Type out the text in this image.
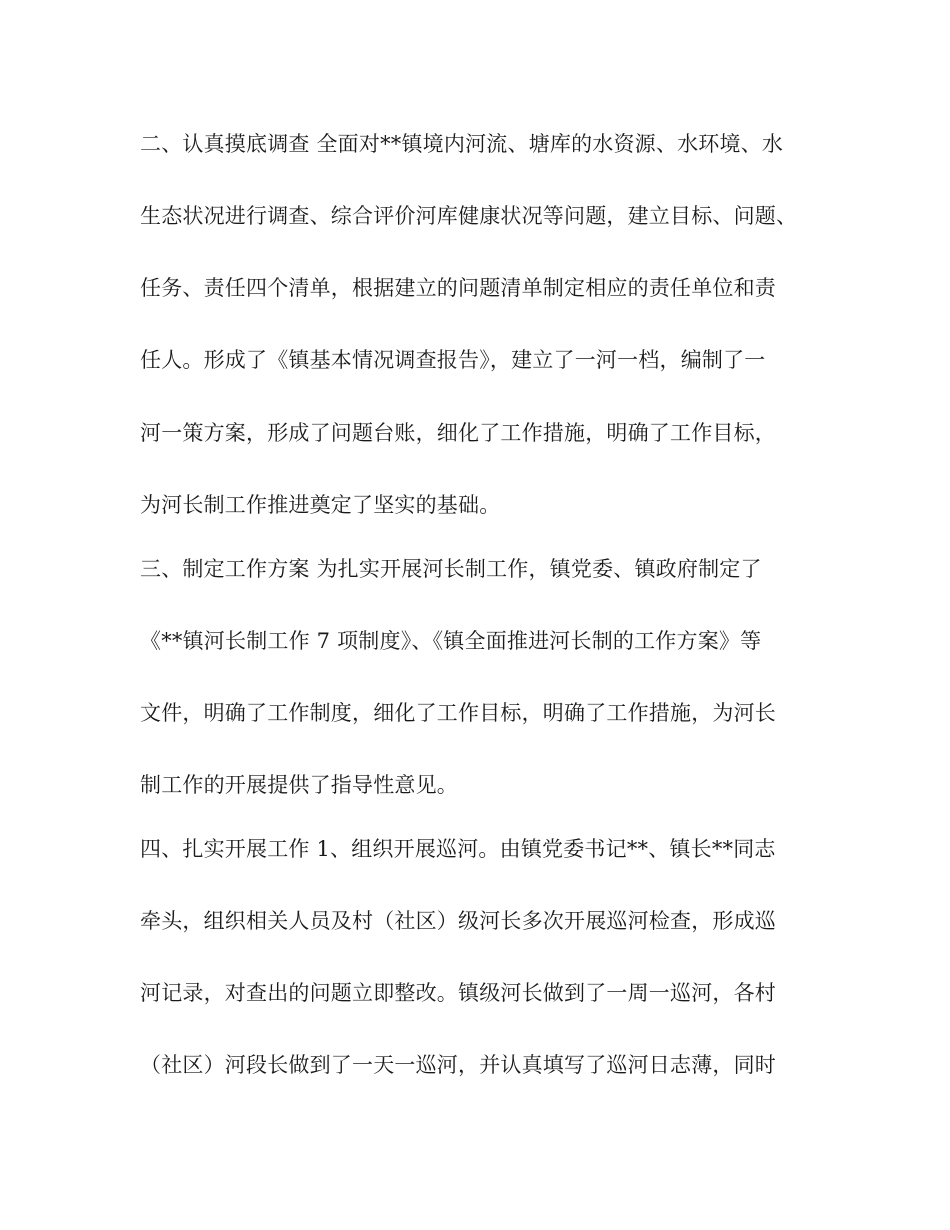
二、认真摸底调查 全面对**镇境内河流、塘库的水资源、水环境、水
生态状况进行调查、综合评价河库健康状况等问题，建立目标、问题、
任务、责任四个清单，根据建立的问题清单制定相应的责任单位和责
任人。形成了《镇基本情况调查报告》，建立了一河一档，编制了一
河一策方案，形成了问题台账，细化了工作措施，明确了工作目标，
为河长制工作推进奠定了坚实的基础。
三、制定工作方案 为扎实开展河长制工作，镇党委、镇政府制定了
《**镇河长制工作 7 项制度》、《镇全面推进河长制的工作方案》等
文件，明确了工作制度，细化了工作目标，明确了工作措施，为河长
制工作的开展提供了指导性意见。
四、扎实开展工作 1、组织开展巡河。由镇党委书记**、镇长**同志
牵头，组织相关人员及村（社区）级河长多次开展巡河检查，形成巡
河记录，对查出的问题立即整改。镇级河长做到了一周一巡河，各村
（社区）河段长做到了一天一巡河，并认真填写了巡河日志薄，同时
